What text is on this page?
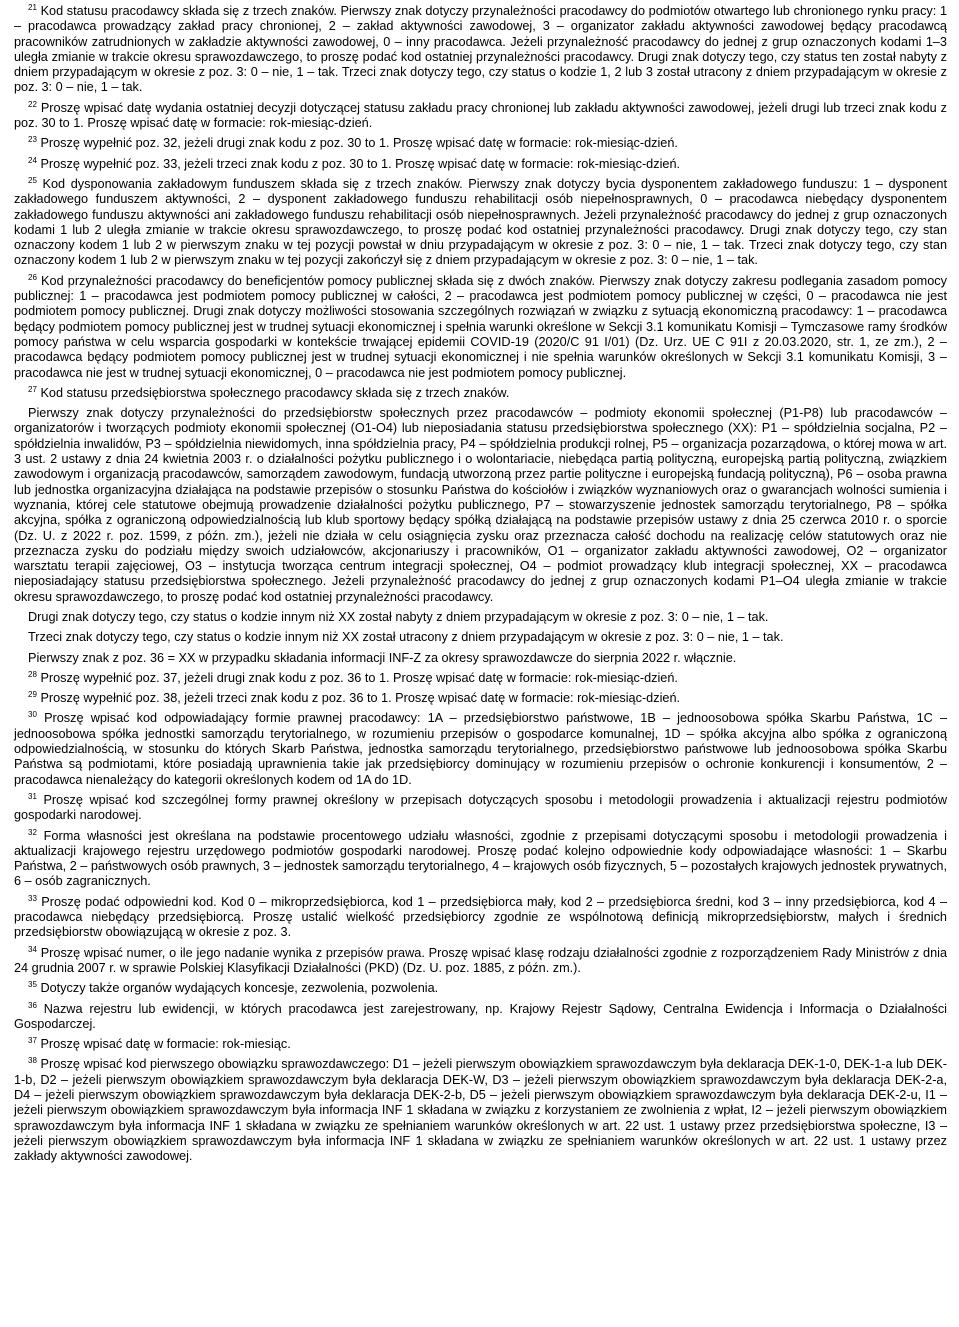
$^{21}$ Kod statusu pracodawcy składa się z trzech znaków. Pierwszy znak dotyczy przynależności pracodawcy do podmiotów otwartego lub chronionego rynku pracy: 1 – pracodawca prowadzący zakład pracy chronionej, 2 – zakład aktywności zawodowej, 3 – organizator zakładu aktywności zawodowej będący pracodawcą pracowników zatrudnionych w zakładzie aktywności zawodowej, 0 – inny pracodawca. Jeżeli przynależność pracodawcy do jednej z grup oznaczonych kodami 1–3 uległa zmianie w trakcie okresu sprawozdawczego, to proszę podać kod ostatniej przynależności pracodawcy. Drugi znak dotyczy tego, czy status ten został nabyty z dniem przypadającym w okresie z poz. 3: 0 – nie, 1 – tak. Trzeci znak dotyczy tego, czy status o kodzie 1, 2 lub 3 został utracony z dniem przypadającym w okresie z poz. 3: 0 – nie, 1 – tak.

$^{22}$ Proszę wpisać datę wydania ostatniej decyzji dotyczącej statusu zakładu pracy chronionej lub zakładu aktywności zawodowej, jeżeli drugi lub trzeci znak kodu z poz. 30 to 1. Proszę wpisać datę w formacie: rok-miesiąc-dzień.

$^{23}$ Proszę wypełnić poz. 32, jeżeli drugi znak kodu z poz. 30 to 1. Proszę wpisać datę w formacie: rok-miesiąc-dzień.

$^{24}$ Proszę wypełnić poz. 33, jeżeli trzeci znak kodu z poz. 30 to 1. Proszę wpisać datę w formacie: rok-miesiąc-dzień.

$^{25}$ Kod dysponowania zakładowym funduszem składa się z trzech znaków. Pierwszy znak dotyczy bycia dysponentem zakładowego funduszu: 1 – dysponent zakładowego funduszem aktywności, 2 – dysponent zakładowego funduszu rehabilitacji osób niepełnosprawnych, 0 – pracodawca niebędący dysponentem zakładowego funduszu aktywności ani zakładowego funduszu rehabilitacji osób niepełnosprawnych. Jeżeli przynależność pracodawcy do jednej z grup oznaczonych kodami 1 lub 2 uległa zmianie w trakcie okresu sprawozdawczego, to proszę podać kod ostatniej przynależności pracodawcy. Drugi znak dotyczy tego, czy stan oznaczony kodem 1 lub 2 w pierwszym znaku w tej pozycji powstał w dniu przypadającym w okresie z poz. 3: 0 – nie, 1 – tak. Trzeci znak dotyczy tego, czy stan oznaczony kodem 1 lub 2 w pierwszym znaku w tej pozycji zakończył się z dniem przypadającym w okresie z poz. 3: 0 – nie, 1 – tak.

$^{26}$ Kod przynależności pracodawcy do beneficjentów pomocy publicznej składa się z dwóch znaków. Pierwszy znak dotyczy zakresu podlegania zasadom pomocy publicznej: 1 – pracodawca jest podmiotem pomocy publicznej w całości, 2 – pracodawca jest podmiotem pomocy publicznej w części, 0 – pracodawca nie jest podmiotem pomocy publicznej. Drugi znak dotyczy możliwości stosowania szczególnych rozwiązań w związku z sytuacją ekonomiczną pracodawcy: 1 – pracodawca będący podmiotem pomocy publicznej jest w trudnej sytuacji ekonomicznej i spełnia warunki określone w Sekcji 3.1 komunikatu Komisji – Tymczasowe ramy środków pomocy państwa w celu wsparcia gospodarki w kontekście trwającej epidemii COVID-19 (2020/C 91 I/01) (Dz. Urz. UE C 91I z 20.03.2020, str. 1, ze zm.), 2 – pracodawca będący podmiotem pomocy publicznej jest w trudnej sytuacji ekonomicznej i nie spełnia warunków określonych w Sekcji 3.1 komunikatu Komisji, 3 – pracodawca nie jest w trudnej sytuacji ekonomicznej, 0 – pracodawca nie jest podmiotem pomocy publicznej.

$^{27}$ Kod statusu przedsiębiorstwa społecznego pracodawcy składa się z trzech znaków.

Pierwszy znak dotyczy przynależności do przedsiębiorstw społecznych przez pracodawców – podmioty ekonomii społecznej (P1-P8) lub pracodawców – organizatorów i tworzących podmioty ekonomii społecznej (O1-O4) lub nieposiadania statusu przedsiębiorstwa społecznego (XX): P1 – spółdzielnia socjalna, P2 – spółdzielnia inwalidów, P3 – spółdzielnia niewidomych, inna spółdzielnia pracy, P4 – spółdzielnia produkcji rolnej, P5 – organizacja pozarządowa, o której mowa w art. 3 ust. 2 ustawy z dnia 24 kwietnia 2003 r. o działalności pożytku publicznego i o wolontariacie, niebędąca partią polityczną, europejską partią polityczną, związkiem zawodowym i organizacją pracodawców, samorządem zawodowym, fundacją utworzoną przez partie polityczne i europejską fundacją polityczną), P6 – osoba prawna lub jednostka organizacyjna działająca na podstawie przepisów o stosunku Państwa do kościołów i związków wyznaniowych oraz o gwarancjach wolności sumienia i wyznania, której cele statutowe obejmują prowadzenie działalności pożytku publicznego, P7 – stowarzyszenie jednostek samorządu terytorialnego, P8 – spółka akcyjna, spółka z ograniczoną odpowiedzialnością lub klub sportowy będący spółką działającą na podstawie przepisów ustawy z dnia 25 czerwca 2010 r. o sporcie (Dz. U. z 2022 r. poz. 1599, z późn. zm.), jeżeli nie działa w celu osiągnięcia zysku oraz przeznacza całość dochodu na realizację celów statutowych oraz nie przeznacza zysku do podziału między swoich udziałowców, akcjonariuszy i pracowników, O1 – organizator zakładu aktywności zawodowej, O2 – organizator warsztatu terapii zajęciowej, O3 – instytucja tworząca centrum integracji społecznej, O4 – podmiot prowadzący klub integracji społecznej, XX – pracodawca nieposiadający statusu przedsiębiorstwa społecznego. Jeżeli przynależność pracodawcy do jednej z grup oznaczonych kodami P1–O4 uległa zmianie w trakcie okresu sprawozdawczego, to proszę podać kod ostatniej przynależności pracodawcy.

Drugi znak dotyczy tego, czy status o kodzie innym niż XX został nabyty z dniem przypadającym w okresie z poz. 3: 0 – nie, 1 – tak.

Trzeci znak dotyczy tego, czy status o kodzie innym niż XX został utracony z dniem przypadającym w okresie z poz. 3: 0 – nie, 1 – tak.

Pierwszy znak z poz. 36 = XX w przypadku składania informacji INF-Z za okresy sprawozdawcze do sierpnia 2022 r. włącznie.

$^{28}$ Proszę wypełnić poz. 37, jeżeli drugi znak kodu z poz. 36 to 1. Proszę wpisać datę w formacie: rok-miesiąc-dzień.

$^{29}$ Proszę wypełnić poz. 38, jeżeli trzeci znak kodu z poz. 36 to 1. Proszę wpisać datę w formacie: rok-miesiąc-dzień.

$^{30}$ Proszę wpisać kod odpowiadający formie prawnej pracodawcy: 1A – przedsiębiorstwo państwowe, 1B – jednoosobowa spółka Skarbu Państwa, 1C – jednoosobowa spółka jednostki samorządu terytorialnego, w rozumieniu przepisów o gospodarce komunalnej, 1D – spółka akcyjna albo spółka z ograniczoną odpowiedzialnością, w stosunku do których Skarb Państwa, jednostka samorządu terytorialnego, przedsiębiorstwo państwowe lub jednoosobowa spółka Skarbu Państwa są podmiotami, które posiadają uprawnienia takie jak przedsiębiorcy dominujący w rozumieniu przepisów o ochronie konkurencji i konsumentów, 2 – pracodawca nienależący do kategorii określonych kodem od 1A do 1D.

$^{31}$ Proszę wpisać kod szczególnej formy prawnej określony w przepisach dotyczących sposobu i metodologii prowadzenia i aktualizacji rejestru podmiotów gospodarki narodowej.

$^{32}$ Forma własności jest określana na podstawie procentowego udziału własności, zgodnie z przepisami dotyczącymi sposobu i metodologii prowadzenia i aktualizacji krajowego rejestru urzędowego podmiotów gospodarki narodowej. Proszę podać kolejno odpowiednie kody odpowiadające własności: 1 – Skarbu Państwa, 2 – państwowych osób prawnych, 3 – jednostek samorządu terytorialnego, 4 – krajowych osób fizycznych, 5 – pozostałych krajowych jednostek prywatnych, 6 – osób zagranicznych.

$^{33}$ Proszę podać odpowiedni kod. Kod 0 – mikroprzedsiębiorca, kod 1 – przedsiębiorca mały, kod 2 – przedsiębiorca średni, kod 3 – inny przedsiębiorca, kod 4 – pracodawca niebędący przedsiębiorcą. Proszę ustalić wielkość przedsiębiorcy zgodnie ze wspólnotową definicją mikroprzedsiębiorstw, małych i średnich przedsiębiorstw obowiązującą w okresie z poz. 3.

$^{34}$ Proszę wpisać numer, o ile jego nadanie wynika z przepisów prawa. Proszę wpisać klasę rodzaju działalności zgodnie z rozporządzeniem Rady Ministrów z dnia 24 grudnia 2007 r. w sprawie Polskiej Klasyfikacji Działalności (PKD) (Dz. U. poz. 1885, z późn. zm.).

$^{35}$ Dotyczy także organów wydających koncesje, zezwolenia, pozwolenia.

$^{36}$ Nazwa rejestru lub ewidencji, w których pracodawca jest zarejestrowany, np. Krajowy Rejestr Sądowy, Centralna Ewidencja i Informacja o Działalności Gospodarczej.

$^{37}$ Proszę wpisać datę w formacie: rok-miesiąc.

$^{38}$ Proszę wpisać kod pierwszego obowiązku sprawozdawczego: D1 – jeżeli pierwszym obowiązkiem sprawozdawczym była deklaracja DEK-1-0, DEK-1-a lub DEK-1-b, D2 – jeżeli pierwszym obowiązkiem sprawozdawczym była deklaracja DEK-W, D3 – jeżeli pierwszym obowiązkiem sprawozdawczym była deklaracja DEK-2-a, D4 – jeżeli pierwszym obowiązkiem sprawozdawczym była deklaracja DEK-2-b, D5 – jeżeli pierwszym obowiązkiem sprawozdawczym była deklaracja DEK-2-u, I1 – jeżeli pierwszym obowiązkiem sprawozdawczym była informacja INF 1 składana w związku z korzystaniem ze zwolnienia z wpłat, I2 – jeżeli pierwszym obowiązkiem sprawozdawczym była informacja INF 1 składana w związku ze spełnianiem warunków określonych w art. 22 ust. 1 ustawy przez przedsiębiorstwa społeczne, I3 – jeżeli pierwszym obowiązkiem sprawozdawczym była informacja INF 1 składana w związku ze spełnianiem warunków określonych w art. 22 ust. 1 ustawy przez zakłady aktywności zawodowej.
